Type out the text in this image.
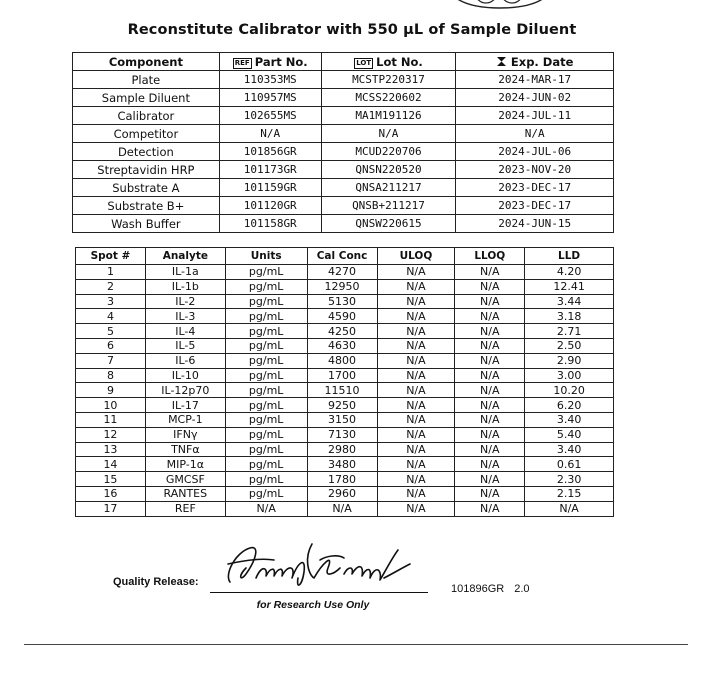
Reconstitute Calibrator with 550 µL of Sample Diluent
Component	REF Part No.	LOT Lot No.	Exp. Date
Plate	110353MS	MCSTP220317	2024-MAR-17
Sample Diluent	110957MS	MCSS220602	2024-JUN-02
Calibrator	102655MS	MA1M191126	2024-JUL-11
Competitor	N/A	N/A	N/A
Detection	101856GR	MCUD220706	2024-JUL-06
Streptavidin HRP	101173GR	QNSN220520	2023-NOV-20
Substrate A	101159GR	QNSA211217	2023-DEC-17
Substrate B+	101120GR	QNSB+211217	2023-DEC-17
Wash Buffer	101158GR	QNSW220615	2024-JUN-15
Spot #	Analyte	Units	Cal Conc	ULOQ	LLOQ	LLD
1	IL-1a	pg/mL	4270	N/A	N/A	4.20
2	IL-1b	pg/mL	12950	N/A	N/A	12.41
3	IL-2	pg/mL	5130	N/A	N/A	3.44
4	IL-3	pg/mL	4590	N/A	N/A	3.18
5	IL-4	pg/mL	4250	N/A	N/A	2.71
6	IL-5	pg/mL	4630	N/A	N/A	2.50
7	IL-6	pg/mL	4800	N/A	N/A	2.90
8	IL-10	pg/mL	1700	N/A	N/A	3.00
9	IL-12p70	pg/mL	11510	N/A	N/A	10.20
10	IL-17	pg/mL	9250	N/A	N/A	6.20
11	MCP-1	pg/mL	3150	N/A	N/A	3.40
12	IFNγ	pg/mL	7130	N/A	N/A	5.40
13	TNFα	pg/mL	2980	N/A	N/A	3.40
14	MIP-1α	pg/mL	3480	N/A	N/A	0.61
15	GMCSF	pg/mL	1780	N/A	N/A	2.30
16	RANTES	pg/mL	2960	N/A	N/A	2.15
17	REF	N/A	N/A	N/A	N/A	N/A
Quality Release:
101896GR 2.0
for Research Use Only
